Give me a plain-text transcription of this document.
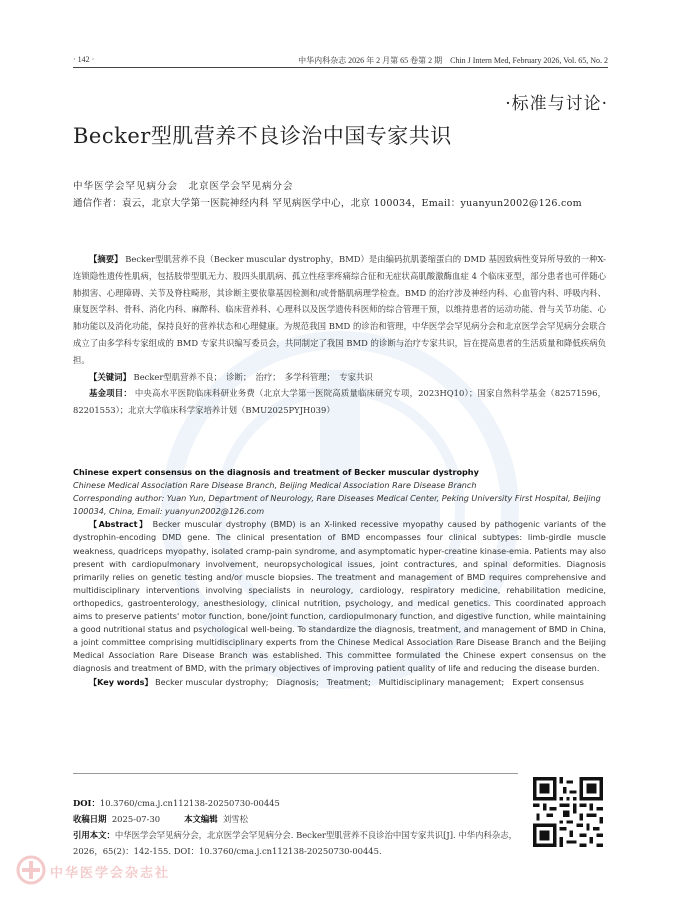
· 142 ·	中华内科杂志 2026 年 2 月第 65 卷第 2 期　Chin J Intern Med, February 2026, Vol. 65, No. 2
·标准与讨论·
Becker型肌营养不良诊治中国专家共识
中华医学会罕见病分会　北京医学会罕见病分会
通信作者：袁云，北京大学第一医院神经内科 罕见病医学中心，北京 100034，Email：yuanyun2002@126.com
【摘要】 Becker型肌营养不良（Becker muscular dystrophy，BMD）是由编码抗肌萎缩蛋白的 DMD 基因致病性变异所导致的一种X-连锁隐性遗传性肌病，包括肢带型肌无力、股四头肌肌病、孤立性痉挛疼痛综合征和无症状高肌酸激酶血症 4 个临床亚型，部分患者也可伴随心肺损害、心理障碍、关节及脊柱畸形，其诊断主要依靠基因检测和/或骨骼肌病理学检查。BMD 的治疗涉及神经内科、心血管内科、呼吸内科、康复医学科、骨科、消化内科、麻醉科、临床营养科、心理科以及医学遗传科医师的综合管理干预，以维持患者的运动功能、骨与关节功能、心肺功能以及消化功能，保持良好的营养状态和心理健康。为规范我国 BMD 的诊治和管理，中华医学会罕见病分会和北京医学会罕见病分会联合成立了由多学科专家组成的 BMD 专家共识编写委员会，共同制定了我国 BMD 的诊断与治疗专家共识，旨在提高患者的生活质量和降低疾病负担。
【关键词】 Becker型肌营养不良；　诊断；　治疗；　多学科管理；　专家共识
基金项目： 中央高水平医院临床科研业务费（北京大学第一医院高质量临床研究专项，2023HQ10）；国家自然科学基金（82571596，82201553）；北京大学临床科学家培养计划（BMU2025PYJH039）
Chinese expert consensus on the diagnosis and treatment of Becker muscular dystrophy
Chinese Medical Association Rare Disease Branch, Beijing Medical Association Rare Disease Branch
Corresponding author: Yuan Yun, Department of Neurology, Rare Diseases Medical Center, Peking University First Hospital, Beijing 100034, China, Email: yuanyun2002@126.com
【Abstract】 Becker muscular dystrophy (BMD) is an X-linked recessive myopathy caused by pathogenic variants of the dystrophin-encoding DMD gene. The clinical presentation of BMD encompasses four clinical subtypes: limb-girdle muscle weakness, quadriceps myopathy, isolated cramp-pain syndrome, and asymptomatic hyper-creatine kinase-emia. Patients may also present with cardiopulmonary involvement, neuropsychological issues, joint contractures, and spinal deformities. Diagnosis primarily relies on genetic testing and/or muscle biopsies. The treatment and management of BMD requires comprehensive and multidisciplinary interventions involving specialists in neurology, cardiology, respiratory medicine, rehabilitation medicine, orthopedics, gastroenterology, anesthesiology, clinical nutrition, psychology, and medical genetics. This coordinated approach aims to preserve patients' motor function, bone/joint function, cardiopulmonary function, and digestive function, while maintaining a good nutritional status and psychological well-being. To standardize the diagnosis, treatment, and management of BMD in China, a joint committee comprising multidisciplinary experts from the Chinese Medical Association Rare Disease Branch and the Beijing Medical Association Rare Disease Branch was established. This committee formulated the Chinese expert consensus on the diagnosis and treatment of BMD, with the primary objectives of improving patient quality of life and reducing the disease burden.
【Key words】 Becker muscular dystrophy;　Diagnosis;　Treatment;　Multidisciplinary management;　Expert consensus
DOI：10.3760/cma.j.cn112138-20250730-00445
收稿日期 2025-07-30	本文编辑 刘雪松
引用本文：中华医学会罕见病分会，北京医学会罕见病分会. Becker型肌营养不良诊治中国专家共识[J]. 中华内科杂志，2026，65(2)：142-155. DOI：10.3760/cma.j.cn112138-20250730-00445.
中华医学会杂志社
